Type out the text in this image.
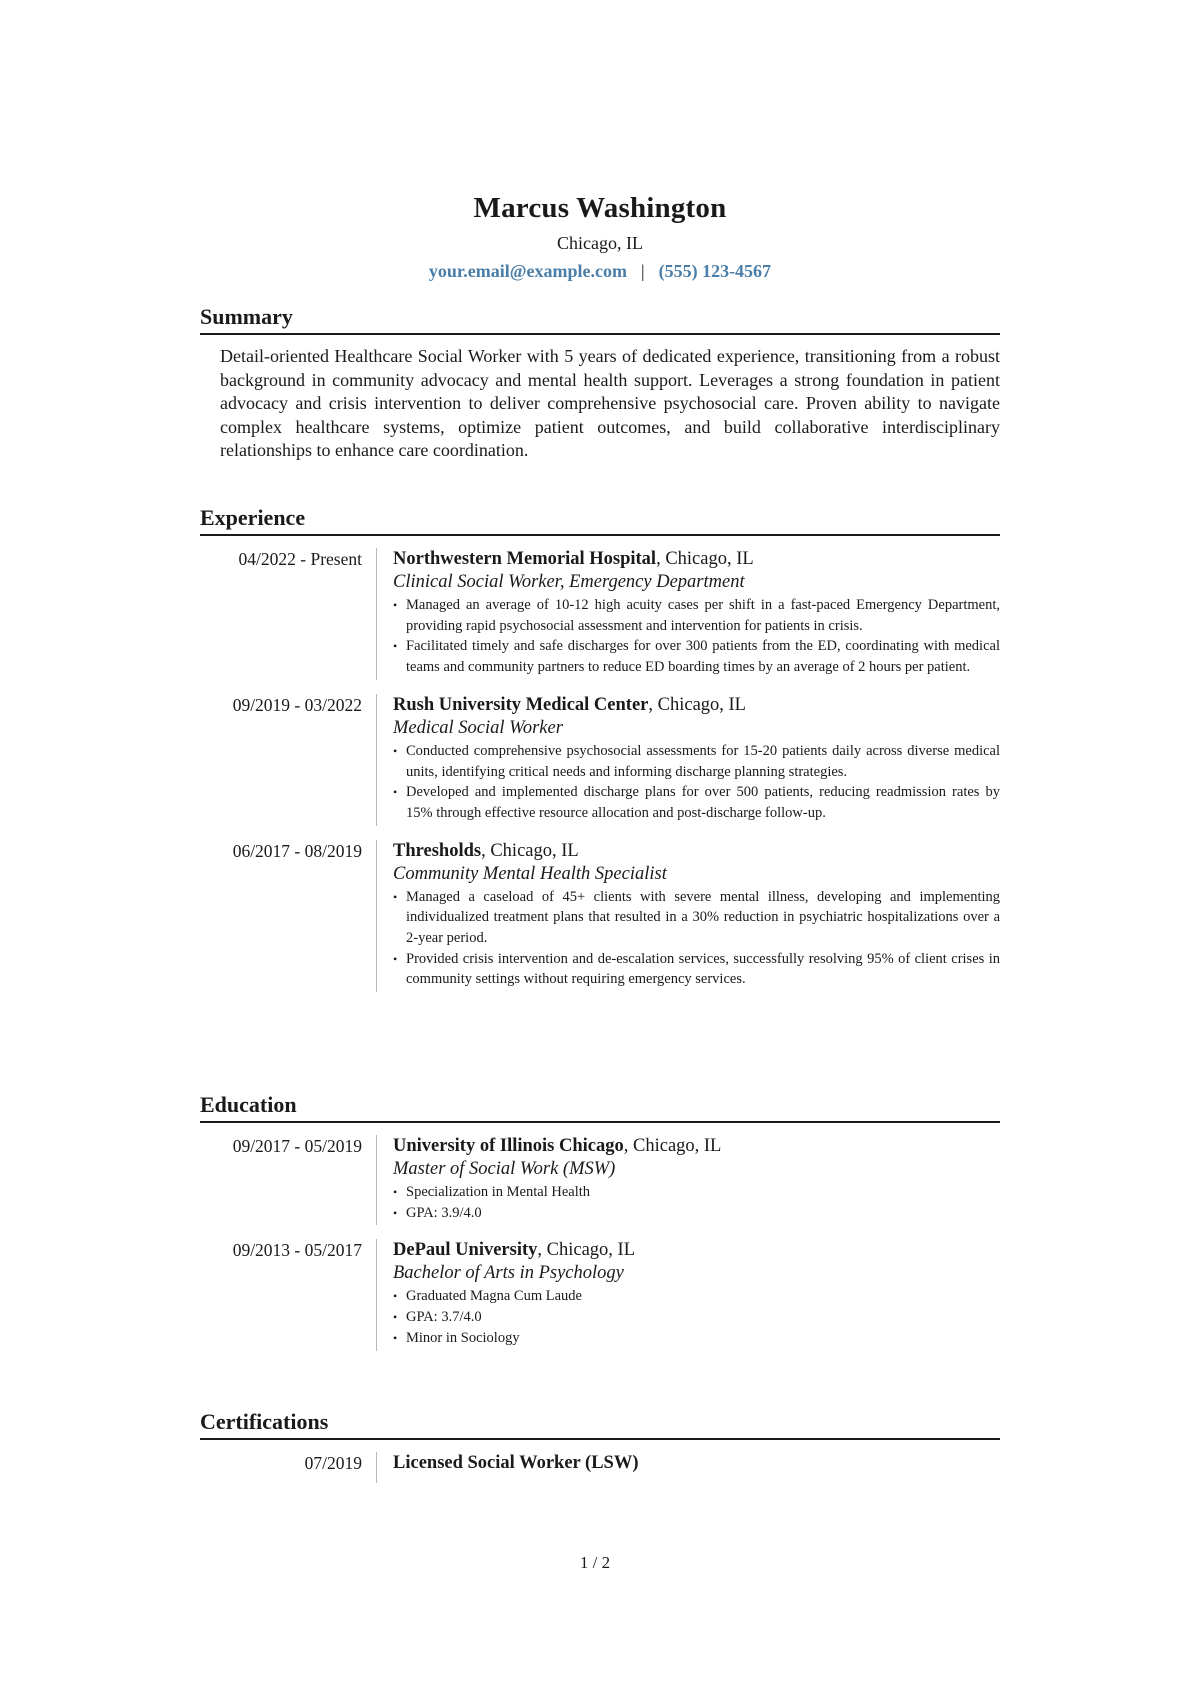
Marcus Washington
Chicago, IL
your.email@example.com | (555) 123-4567
Summary
Detail-oriented Healthcare Social Worker with 5 years of dedicated experience, transitioning from a robust background in community advocacy and mental health support. Leverages a strong foundation in patient advocacy and crisis intervention to deliver comprehensive psychosocial care. Proven ability to navigate complex healthcare systems, optimize patient outcomes, and build collaborative interdisciplinary relationships to enhance care coordination.
Experience
04/2022 - Present	Northwestern Memorial Hospital, Chicago, IL
Clinical Social Worker, Emergency Department
• Managed an average of 10-12 high acuity cases per shift in a fast-paced Emergency Department, providing rapid psychosocial assessment and intervention for patients in crisis.
• Facilitated timely and safe discharges for over 300 patients from the ED, coordinating with medical teams and community partners to reduce ED boarding times by an average of 2 hours per patient.
09/2019 - 03/2022	Rush University Medical Center, Chicago, IL
Medical Social Worker
• Conducted comprehensive psychosocial assessments for 15-20 patients daily across diverse medical units, identifying critical needs and informing discharge planning strategies.
• Developed and implemented discharge plans for over 500 patients, reducing readmission rates by 15% through effective resource allocation and post-discharge follow-up.
06/2017 - 08/2019	Thresholds, Chicago, IL
Community Mental Health Specialist
• Managed a caseload of 45+ clients with severe mental illness, developing and implementing individualized treatment plans that resulted in a 30% reduction in psychiatric hospitalizations over a 2-year period.
• Provided crisis intervention and de-escalation services, successfully resolving 95% of client crises in community settings without requiring emergency services.
Education
09/2017 - 05/2019	University of Illinois Chicago, Chicago, IL
Master of Social Work (MSW)
• Specialization in Mental Health
• GPA: 3.9/4.0
09/2013 - 05/2017	DePaul University, Chicago, IL
Bachelor of Arts in Psychology
• Graduated Magna Cum Laude
• GPA: 3.7/4.0
• Minor in Sociology
Certifications
07/2019	Licensed Social Worker (LSW)
1 / 2
